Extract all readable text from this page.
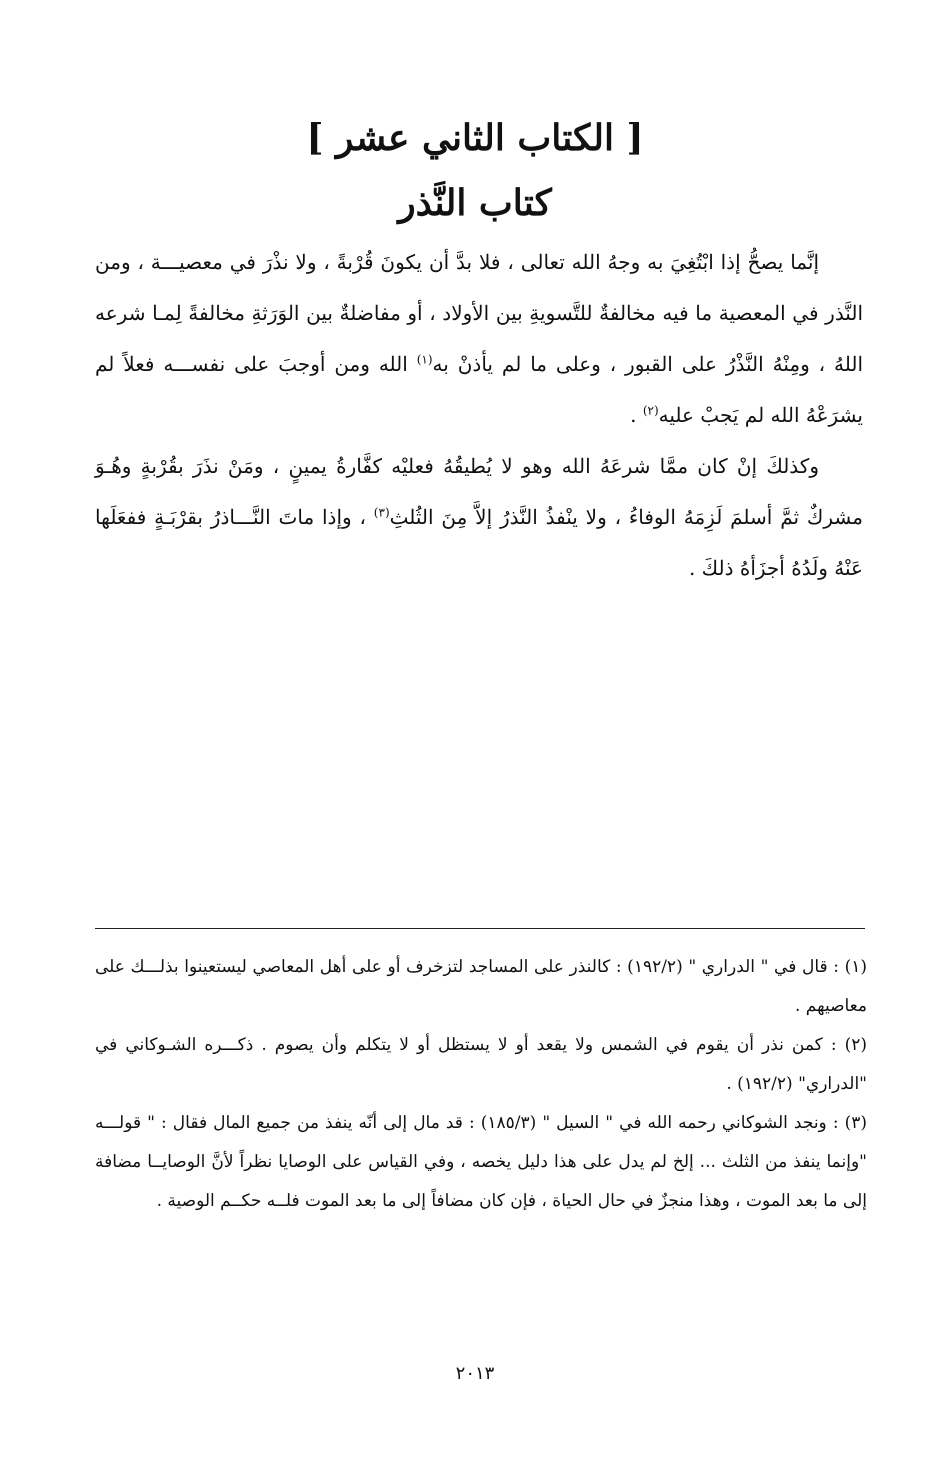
[ الكتاب الثاني عشر ]
كتاب النَّذر

إنَّما يصحُّ إذا ابْتُغِيَ به وجهُ الله تعالى ، فلا بدَّ أن يكونَ قُرْبةً ، ولا نذْرَ في معصيـــة ، ومن النَّذر في المعصية ما فيه مخالفةٌ للتَّسويةِ بين الأولاد ، أو مفاضلةٌ بين الوَرَثةِ مخالفةً لِمـا شرعه اللهُ ، ومِنْهُ النَّذْرُ على القبور ، وعلى ما لم يأذنْ به$^{(١)}$ الله ومن أوجبَ على نفســـه فعلاً لم يشرَعْهُ الله لم يَجبْ عليه$^{(٢)}$ .

وكذلكَ إنْ كان ممَّا شرعَهُ الله وهو لا يُطيقُهُ فعليْه كفَّارةُ يمينٍ ، ومَنْ نذَرَ بقُرْبةٍ وهُـوَ مشركٌ ثمَّ أسلمَ لَزِمَهُ الوفاءُ ، ولا ينْفذُ النَّذرُ إلاَّ مِنَ الثُلثِ$^{(٣)}$ ، وإذا ماتَ النَّـــاذرُ بقرْبَـةٍ ففعَلَها عَنْهُ ولَدُهُ أجزَأهُ ذلكَ .

(١) : قال في " الدراري " (١٩٢/٢) : كالنذر على المساجد لتزخرف أو على أهل المعاصي ليستعينوا بذلـــك على معاصيهم .

(٢) : كمن نذر أن يقوم في الشمس ولا يقعد أو لا يستظل أو لا يتكلم وأن يصوم . ذكـــره الشـوكاني في "الدراري" (١٩٢/٢) .

(٣) : ونجد الشوكاني رحمه الله في " السيل " (١٨٥/٣) : قد مال إلى أنّه ينفذ من جميع المال فقال : " قولـــه "وإنما ينفذ من الثلث ... إلخ لم يدل على هذا دليل يخصه ، وفي القياس على الوصايا نظراً لأنَّ الوصايــا مضافة إلى ما بعد الموت ، وهذا منجزٌ في حال الحياة ، فإن كان مضافاً إلى ما بعد الموت فلــه حكــم الوصية .

٢٠١٣
